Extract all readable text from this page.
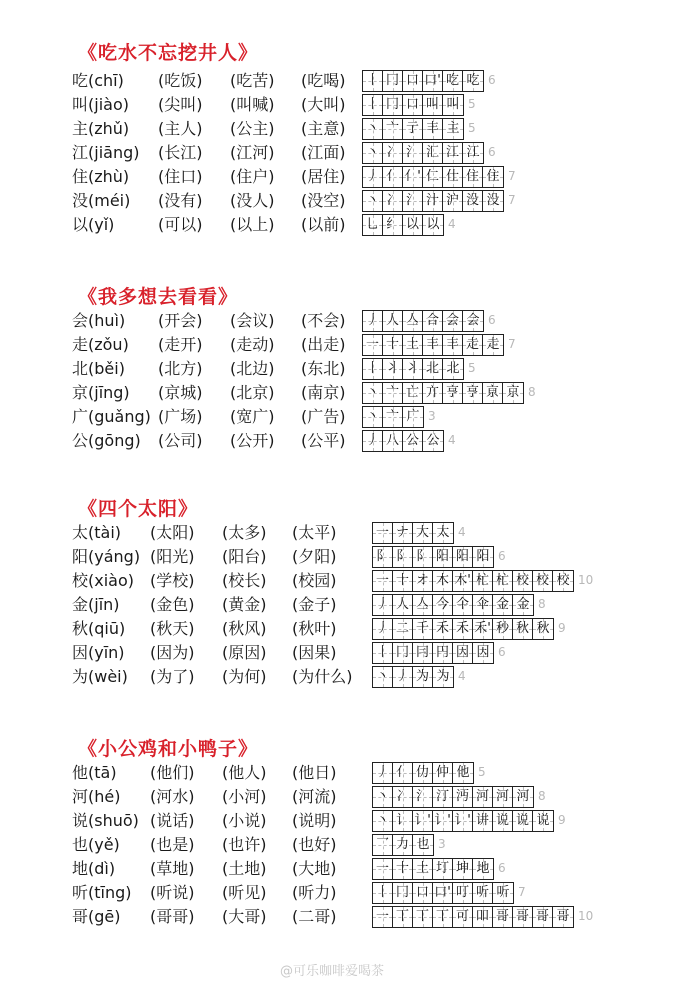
《吃水不忘挖井人》
吃(chī) (吃饭) (吃苦) (吃喝) 丨 冂 口 口' 吃 吃 6
叫(jiào) (尖叫) (叫喊) (大叫) 丨 冂 口 叫 叫 5
主(zhǔ) (主人) (公主) (主意) 丶 亠 亍 丰 主 5
江(jiāng) (长江) (江河) (江面) 丶 冫 氵 汇 江 江 6
住(zhù) (住口) (住户) (居住) 丿 亻 亻' 仁 仕 住 住 7
没(méi) (没有) (没人) (没空) 丶 冫 氵 汁 沪 没 没 7
以(yǐ)	(可以) (以上) (以前) 乚 纟 以 以 4
《我多想去看看》
会(huì) (开会) (会议) (不会) 丿 人 亼 合 会 会 6
走(zǒu) (走开) (走动) (出走) 一 十 土 丰 丰 走 走 7
北(běi) (北方) (北边) (东北) 丨 丬 丬 北 北 5
京(jīng) (京城) (北京) (南京) 丶 亠 亡 亣 亨 亨 亰 京 8
广(guǎng) (广场) (宽广) (广告) 丶 亠 广 3
公(gōng) (公司) (公开) (公平) 丿 八 公 公 4
《四个太阳》
太(tài) (太阳) (太多) (太平)	一 ナ 大 太 4
阳(yáng) (阳光) (阳台) (夕阳)	阝 阝 阝 阳 阳 阳 6
校(xiào) (学校) (校长) (校园)	一 十 オ 木 木' 杧 杧 校 校 校 10
金(jīn) (金色) (黄金) (金子)	丿 人 亼 今 仐 伞 金 金 8
秋(qiū) (秋天) (秋风) (秋叶)	丿 二 千 禾 禾 禾' 秒 秋 秋 9
因(yīn) (因为) (原因) (因果)	丨 冂 冃 円 因 因 6
为(wèi) (为了) (为何) (为什么) 丶 丿 为 为 4
《小公鸡和小鸭子》
他(tā) (他们) (他人) (他日)	丿 亻 仂 仲 他 5
河(hé) (河水) (小河) (河流)	丶 冫 氵 汀 沔 河 河 河 8
说(shuō) (说话) (小说) (说明)	丶 讠 讠' 讠' 讠' 讲 说 说 说 9
也(yě) (也是) (也许) (也好)	乛 力 也 3
地(dì) (草地) (土地) (大地)	一 十 土 圢 坤 地 6
听(tīng) (听说) (听见) (听力)	丨 冂 口 口' 叮 听 听 7
哥(gē) (哥哥) (大哥) (二哥)	一 丅 丅 丅 可 吅 哥 哥 哥 哥 10
@可乐咖啡爱喝茶
